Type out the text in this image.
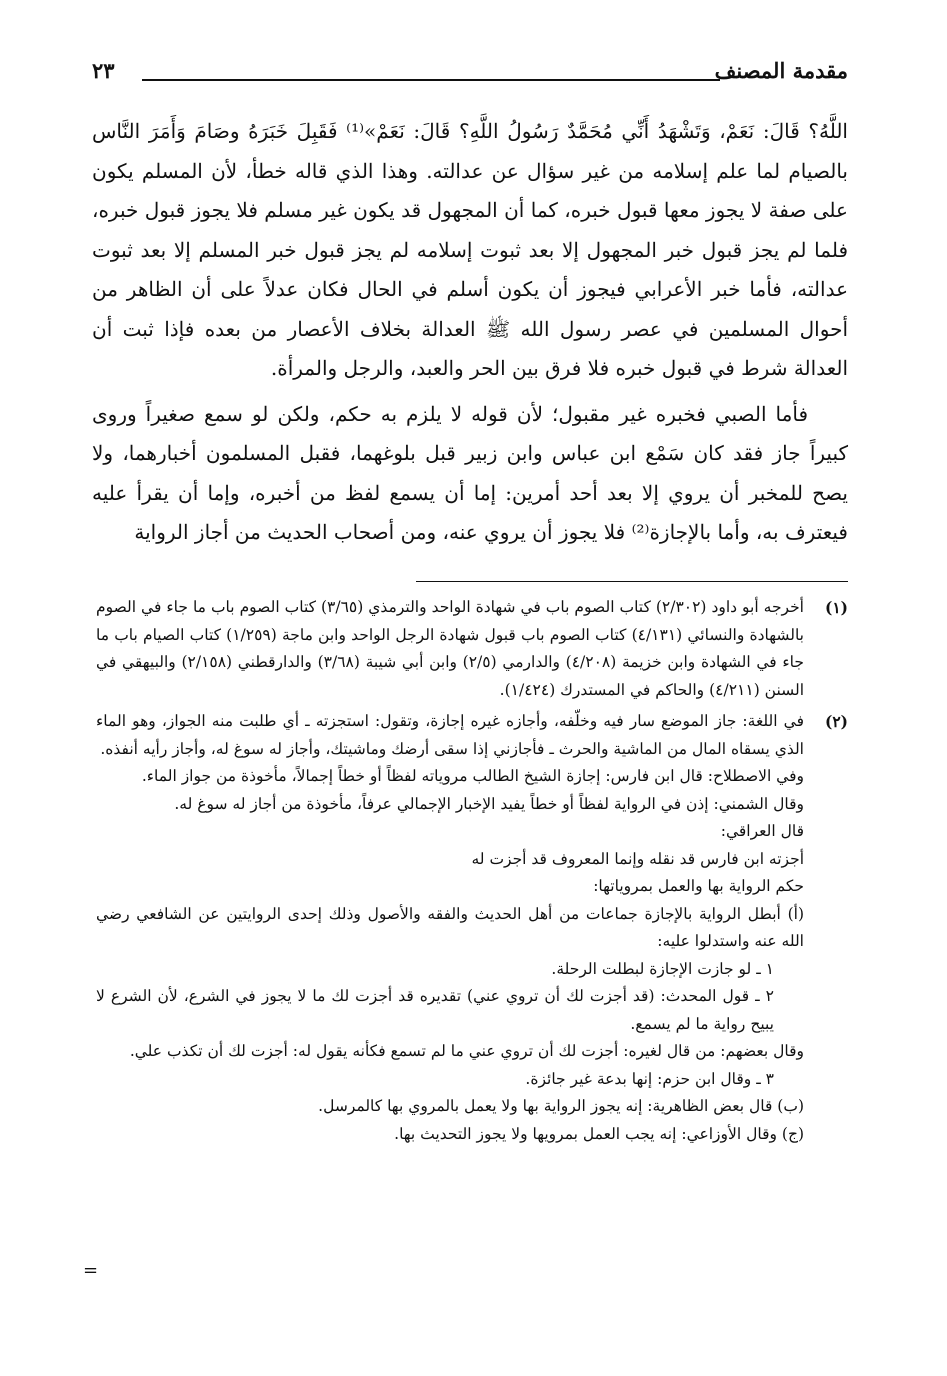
مقدمة المصنف
٢٣

اللَّهُ؟ قَالَ: نَعَمْ، وَتَشْهَدُ أَنِّي مُحَمَّدٌ رَسُولُ اللَّهِ؟ قَالَ: نَعَمْ»⁽¹⁾ فَقَبِلَ خَبَرَهُ وصَامَ وَأَمَرَ النَّاس بالصيام لما علم إسلامه من غير سؤال عن عدالته. وهذا الذي قاله خطأ، لأن المسلم يكون على صفة لا يجوز معها قبول خبره، كما أن المجهول قد يكون غير مسلم فلا يجوز قبول خبره، فلما لم يجز قبول خبر المجهول إلا بعد ثبوت إسلامه لم يجز قبول خبر المسلم إلا بعد ثبوت عدالته، فأما خبر الأعرابي فيجوز أن يكون أسلم في الحال فكان عدلاً على أن الظاهر من أحوال المسلمين في عصر رسول الله ﷺ العدالة بخلاف الأعصار من بعده فإذا ثبت أن العدالة شرط في قبول خبره فلا فرق بين الحر والعبد، والرجل والمرأة.

فأما الصبي فخبره غير مقبول؛ لأن قوله لا يلزم به حكم، ولكن لو سمع صغيراً وروى كبيراً جاز فقد كان سَمْع ابن عباس وابن زبير قبل بلوغهما، فقبل المسلمون أخبارهما، ولا يصح للمخبر أن يروي إلا بعد أحد أمرين: إما أن يسمع لفظ من أخبره، وإما أن يقرأ عليه فيعترف به، وأما بالإجازة⁽²⁾ فلا يجوز أن يروي عنه، ومن أصحاب الحديث من أجاز الرواية

(١)
أخرجه أبو داود (٢/٣٠٢) كتاب الصوم باب في شهادة الواحد والترمذي (٣/٦٥) كتاب الصوم باب ما جاء في الصوم بالشهادة والنسائي (٤/١٣١) كتاب الصوم باب قبول شهادة الرجل الواحد وابن ماجة (١/٢٥٩) كتاب الصيام باب ما جاء في الشهادة وابن خزيمة (٤/٢٠٨) والدارمي (٢/٥) وابن أبي شيبة (٣/٦٨) والدارقطني (٢/١٥٨) والبيهقي في السنن (٤/٢١١) والحاكم في المستدرك (١/٤٢٤).
(٢)
في اللغة: جاز الموضع سار فيه وخلّفه، وأجازه غيره إجازة، وتقول: استجزته ـ أي طلبت منه الجواز، وهو الماء الذي يسقاه المال من الماشية والحرث ـ فأجازني إذا سقى أرضك وماشيتك، وأجاز له سوغ له، وأجاز رأيه أنفذه.
وفي الاصطلاح: قال ابن فارس: إجازة الشيخ الطالب مروياته لفظاً أو خطاً إجمالاً، مأخوذة من جواز الماء.
وقال الشمني: إذن في الرواية لفظاً أو خطاً يفيد الإخبار الإجمالي عرفاً، مأخوذة من أجاز له سوغ له.
قال العراقي:
أجزته ابن فارس قد نقله وإنما المعروف قد أجزت له
حكم الرواية بها والعمل بمروياتها:
(أ) أبطل الرواية بالإجازة جماعات من أهل الحديث والفقه والأصول وذلك إحدى الروايتين عن الشافعي رضي الله عنه واستدلوا عليه:
١ ـ لو جازت الإجازة لبطلت الرحلة.
٢ ـ قول المحدث: (قد أجزت لك أن تروي عني) تقديره قد أجزت لك ما لا يجوز في الشرع، لأن الشرع لا يبيح رواية ما لم يسمع.
وقال بعضهم: من قال لغيره: أجزت لك أن تروي عني ما لم تسمع فكأنه يقول له: أجزت لك أن تكذب علي.
٣ ـ وقال ابن حزم: إنها بدعة غير جائزة.
(ب) قال بعض الظاهرية: إنه يجوز الرواية بها ولا يعمل بالمروي بها كالمرسل.
(ج) وقال الأوزاعي: إنه يجب العمل بمرويها ولا يجوز التحديث بها.
=
